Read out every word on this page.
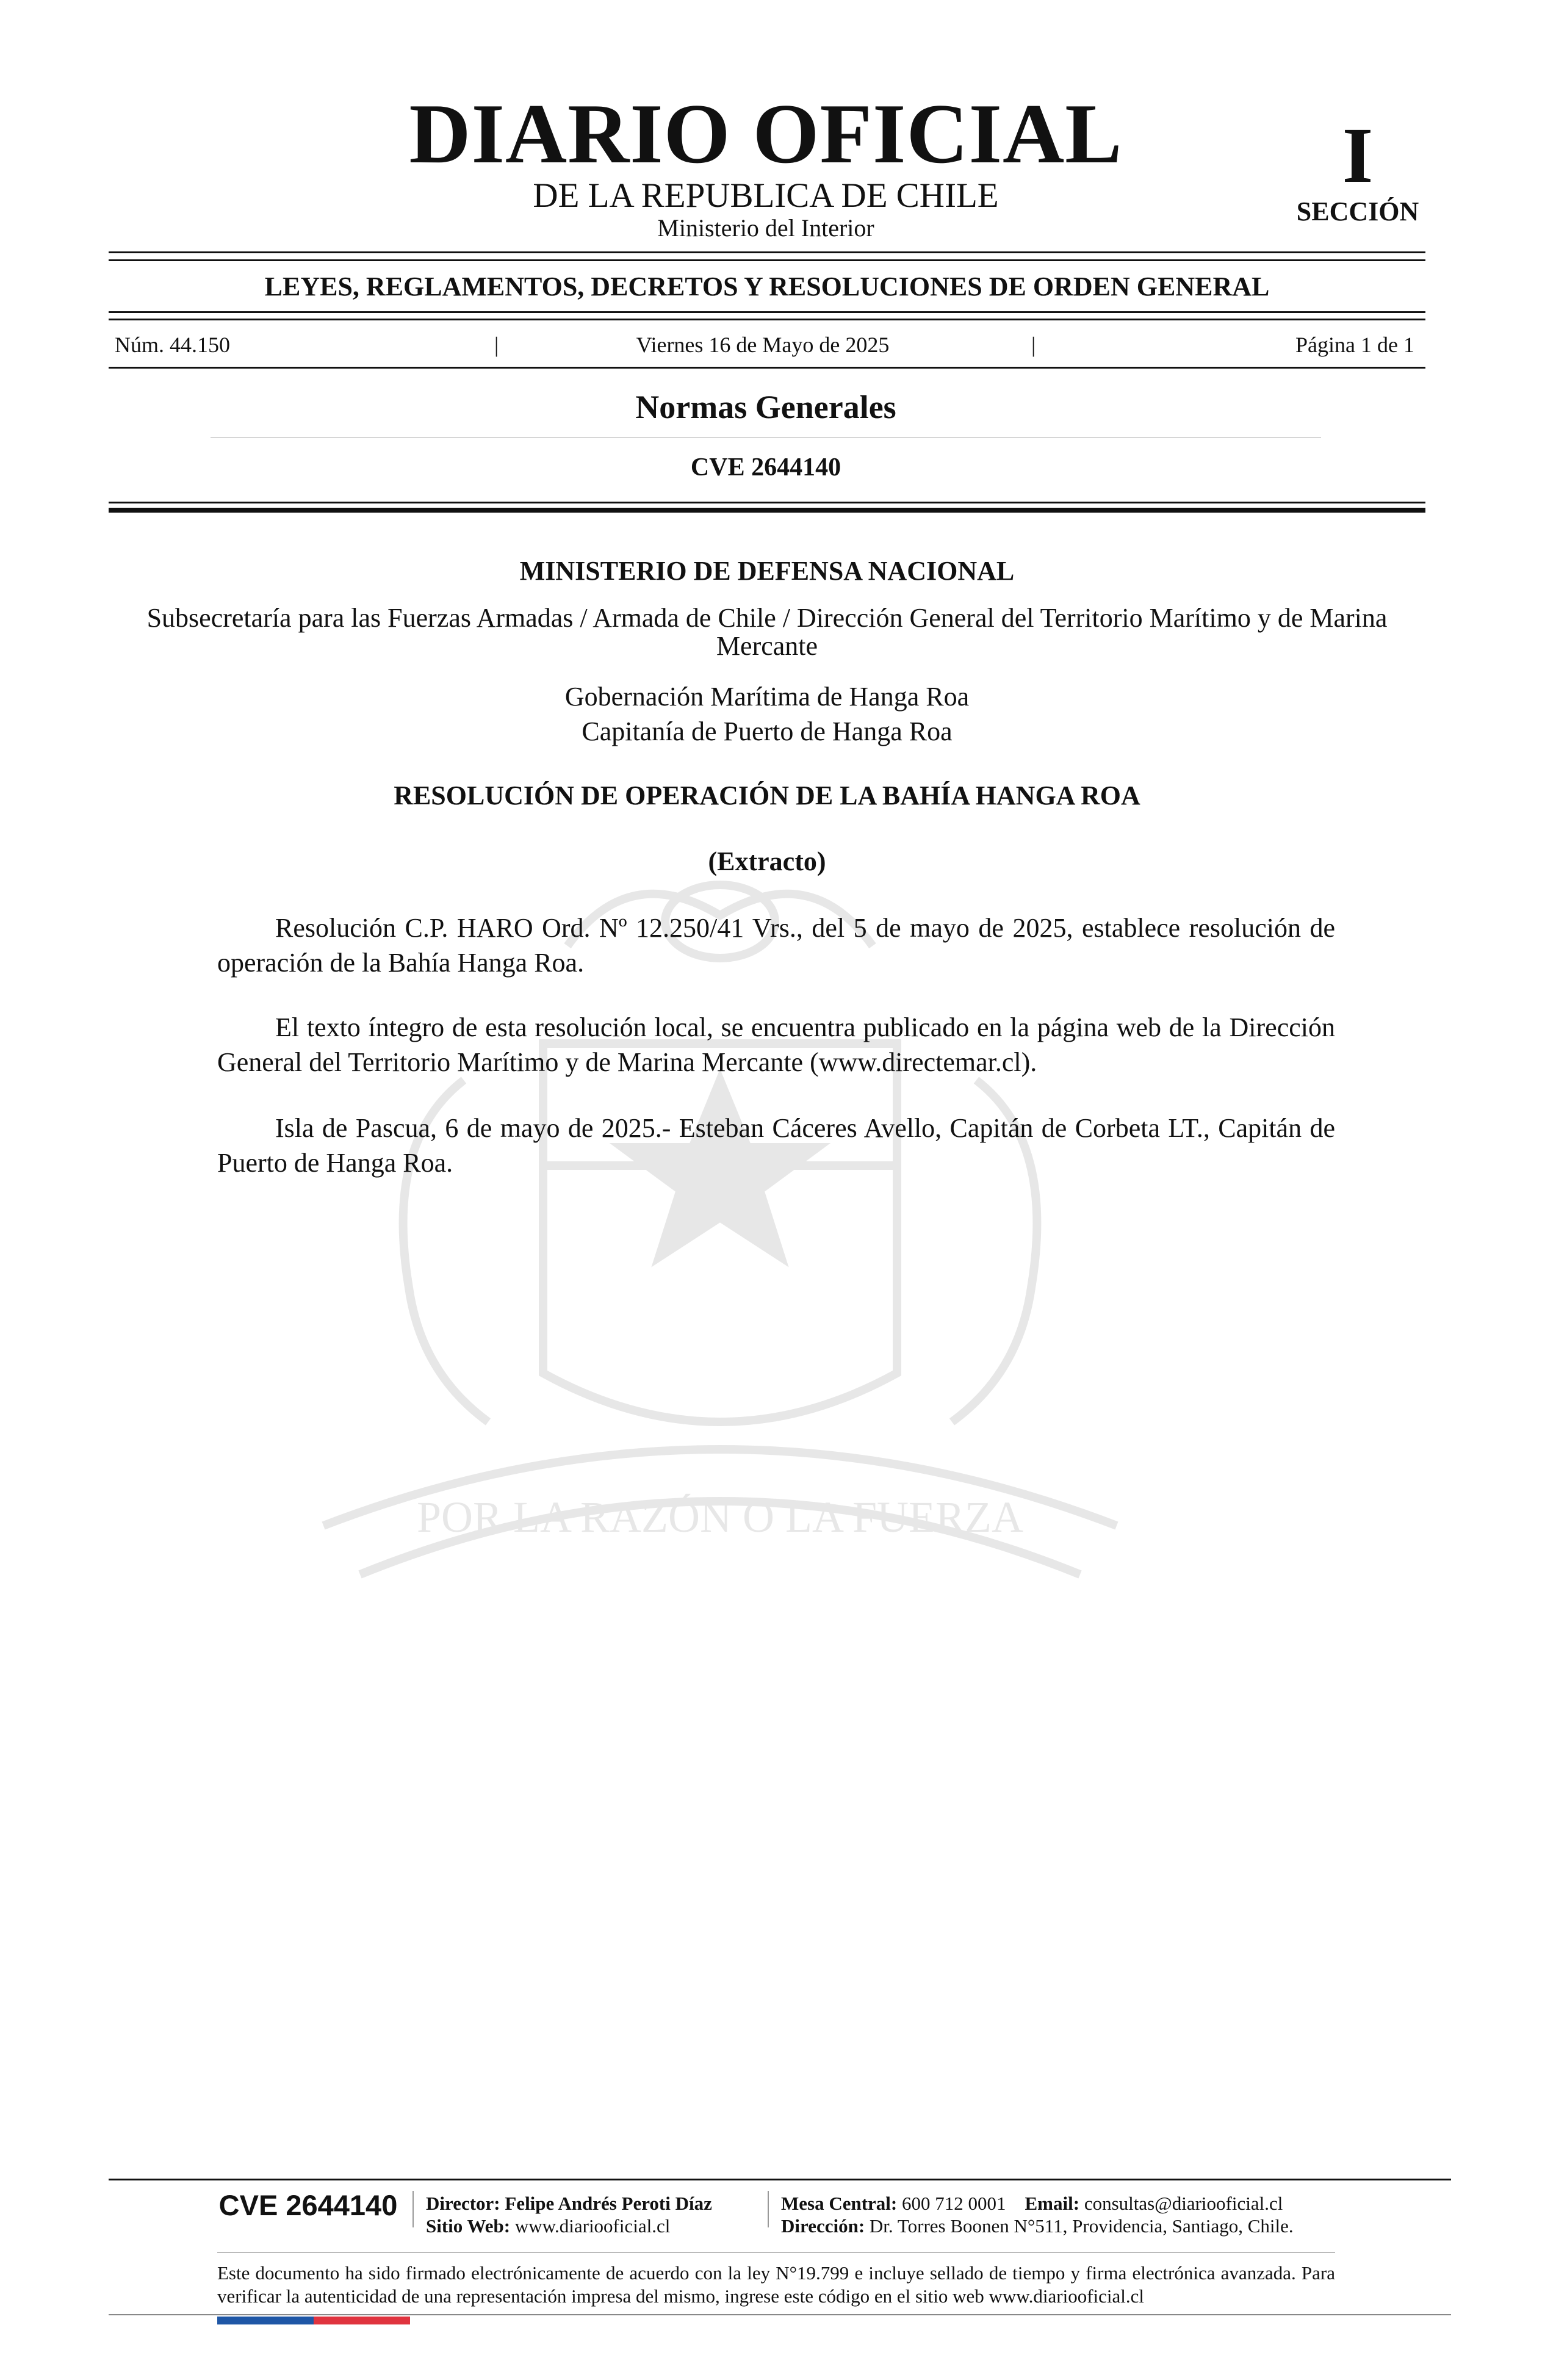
POR LA RAZÓN O LA FUERZA
DIARIO OFICIAL
DE LA REPUBLICA DE CHILE
Ministerio del Interior
I
SECCIÓN
LEYES, REGLAMENTOS, DECRETOS Y RESOLUCIONES DE ORDEN GENERAL
Núm. 44.150	|	Viernes 16 de Mayo de 2025	|	Página 1 de 1
Normas Generales
CVE 2644140
MINISTERIO DE DEFENSA NACIONAL
Subsecretaría para las Fuerzas Armadas / Armada de Chile / Dirección General del Territorio Marítimo y de Marina Mercante
Gobernación Marítima de Hanga Roa
Capitanía de Puerto de Hanga Roa
RESOLUCIÓN DE OPERACIÓN DE LA BAHÍA HANGA ROA
(Extracto)
Resolución C.P. HARO Ord. Nº 12.250/41 Vrs., del 5 de mayo de 2025, establece resolución de operación de la Bahía Hanga Roa.
El texto íntegro de esta resolución local, se encuentra publicado en la página web de la Dirección General del Territorio Marítimo y de Marina Mercante (www.directemar.cl).
Isla de Pascua, 6 de mayo de 2025.- Esteban Cáceres Avello, Capitán de Corbeta LT., Capitán de Puerto de Hanga Roa.
CVE 2644140	Director: Felipe Andrés Peroti Díaz
Sitio Web: www.diariooficial.cl
Mesa Central: 600 712 0001 Email: consultas@diariooficial.cl
Dirección: Dr. Torres Boonen N°511, Providencia, Santiago, Chile.
Este documento ha sido firmado electrónicamente de acuerdo con la ley N°19.799 e incluye sellado de tiempo y firma electrónica avanzada. Para verificar la autenticidad de una representación impresa del mismo, ingrese este código en el sitio web www.diariooficial.cl
